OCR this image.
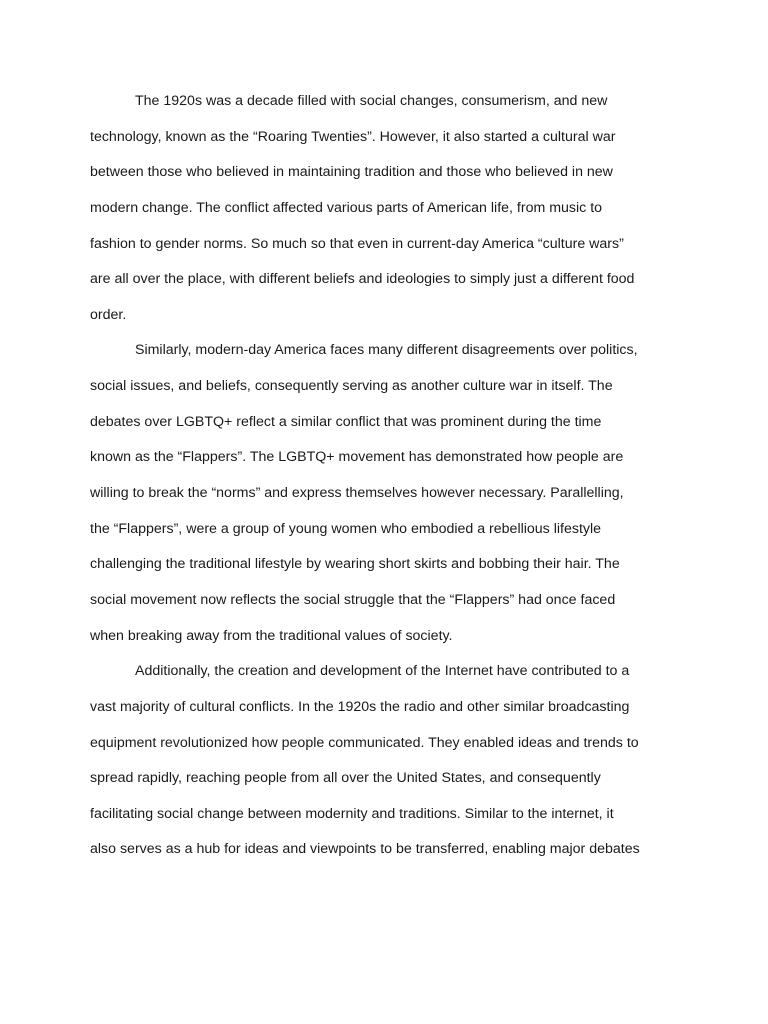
The 1920s was a decade filled with social changes, consumerism, and new
technology, known as the “Roaring Twenties”. However, it also started a cultural war
between those who believed in maintaining tradition and those who believed in new
modern change. The conflict affected various parts of American life, from music to
fashion to gender norms. So much so that even in current-day America “culture wars”
are all over the place, with different beliefs and ideologies to simply just a different food
order.
Similarly, modern-day America faces many different disagreements over politics,
social issues, and beliefs, consequently serving as another culture war in itself. The
debates over LGBTQ+ reflect a similar conflict that was prominent during the time
known as the “Flappers”. The LGBTQ+ movement has demonstrated how people are
willing to break the “norms” and express themselves however necessary. Parallelling,
the “Flappers”, were a group of young women who embodied a rebellious lifestyle
challenging the traditional lifestyle by wearing short skirts and bobbing their hair. The
social movement now reflects the social struggle that the “Flappers” had once faced
when breaking away from the traditional values of society.
Additionally, the creation and development of the Internet have contributed to a
vast majority of cultural conflicts. In the 1920s the radio and other similar broadcasting
equipment revolutionized how people communicated. They enabled ideas and trends to
spread rapidly, reaching people from all over the United States, and consequently
facilitating social change between modernity and traditions. Similar to the internet, it
also serves as a hub for ideas and viewpoints to be transferred, enabling major debates
